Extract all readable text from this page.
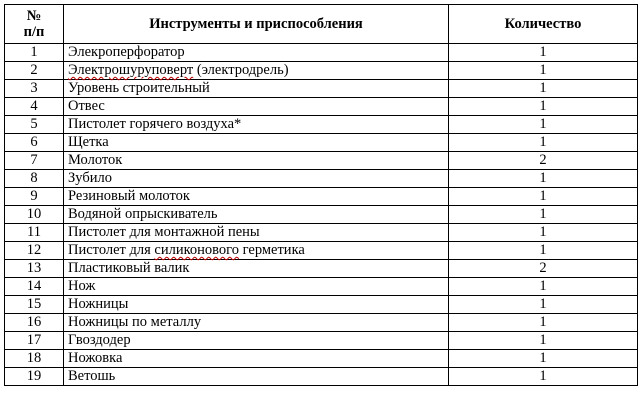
№
п/п	Инструменты и приспособления	Количество
1	Элекроперфоратор	1
2	Электрошуруповерт (электродрель)	1
3	Уровень строительный	1
4	Отвес	1
5	Пистолет горячего воздуха*	1
6	Щетка	1
7	Молоток	2
8	Зубило	1
9	Резиновый молоток	1
10	Водяной опрыскиватель	1
11	Пистолет для монтажной пены	1
12	Пистолет для силиконового герметика	1
13	Пластиковый валик	2
14	Нож	1
15	Ножницы	1
16	Ножницы по металлу	1
17	Гвоздодер	1
18	Ножовка	1
19	Ветошь	1
